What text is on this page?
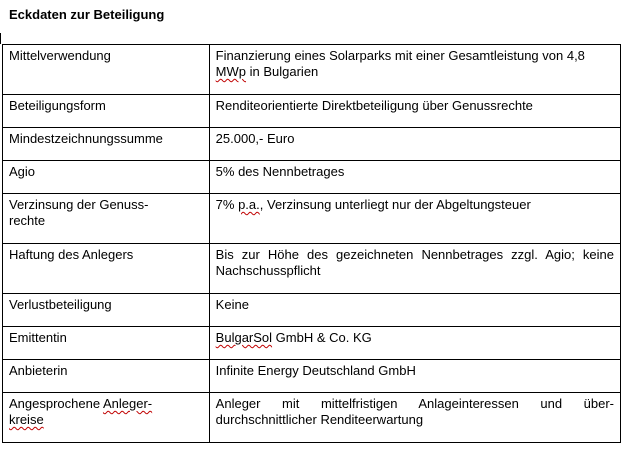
Eckdaten zur Beteiligung
Mittelverwendung	Finanzierung eines Solarparks mit einer Gesamtleistung von 4,8 MWp in Bulgarien
Beteiligungsform	Renditeorientierte Direktbeteiligung über Genussrechte
Mindestzeichnungssumme	25.000,- Euro
Agio	5% des Nennbetrages
Verzinsung der Genuss-rechte	7% p.a., Verzinsung unterliegt nur der Abgeltungsteuer
Haftung des Anlegers	Bis zur Höhe des gezeichneten Nennbetrages zzgl. Agio; keine Nachschusspflicht
Verlustbeteiligung	Keine
Emittentin	BulgarSol GmbH & Co. KG
Anbieterin	Infinite Energy Deutschland GmbH
Angesprochene Anleger-kreise	Anleger mit mittelfristigen Anlageinteressen und über-durchschnittlicher Renditeerwartung
